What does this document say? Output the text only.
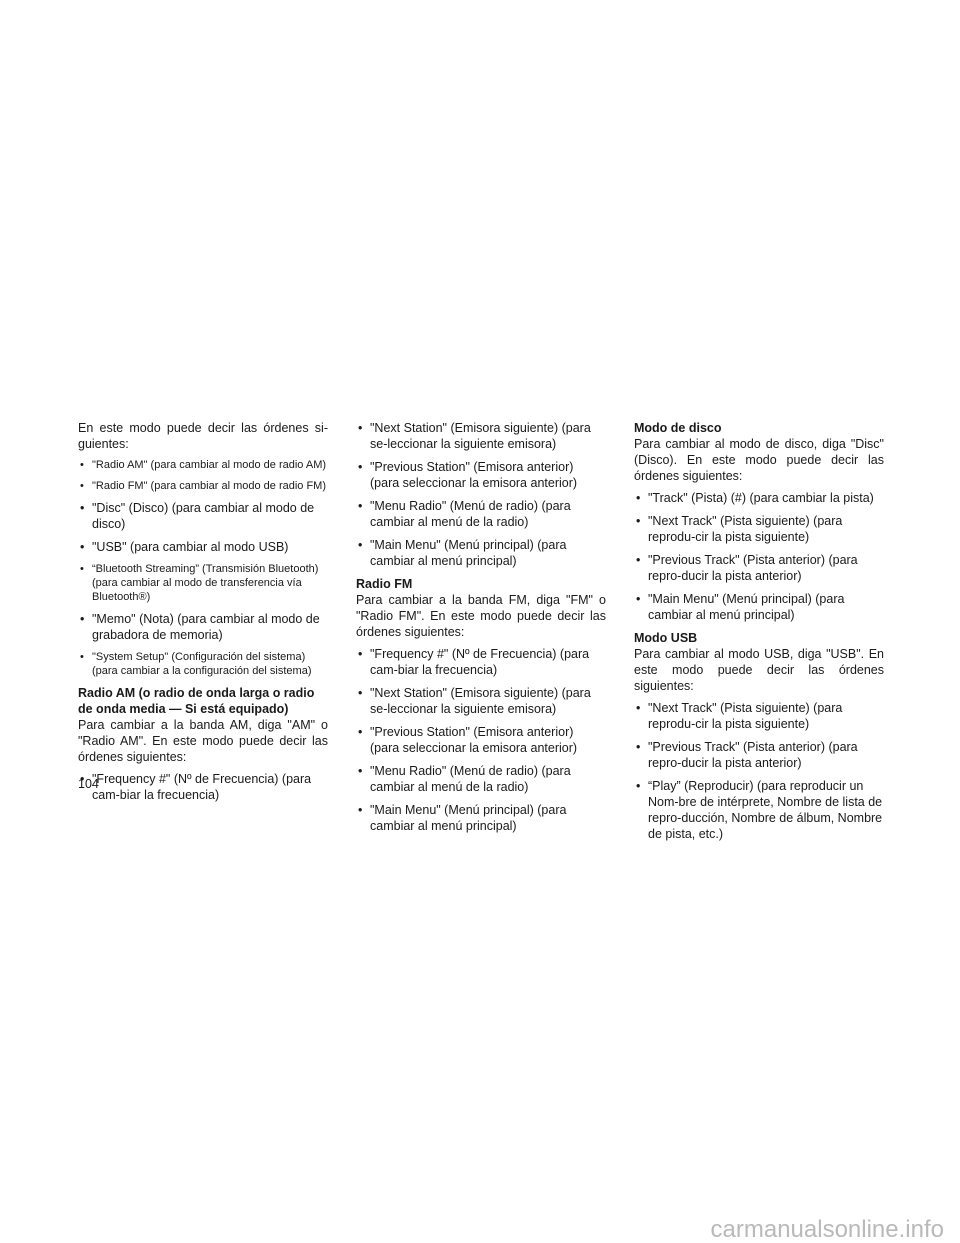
En este modo puede decir las órdenes si-guientes:

• "Radio AM" (para cambiar al modo de radio AM)
• "Radio FM" (para cambiar al modo de radio FM)
• "Disc" (Disco) (para cambiar al modo de disco)
• "USB" (para cambiar al modo USB)
• “Bluetooth Streaming” (Transmisión Bluetooth) (para cambiar al modo de transferencia vía Bluetooth®)
• "Memo" (Nota) (para cambiar al modo de grabadora de memoria)
• "System Setup" (Configuración del sistema) (para cambiar a la configuración del sistema)

Radio AM (o radio de onda larga o radio de onda media — Si está equipado)

Para cambiar a la banda AM, diga "AM" o "Radio AM". En este modo puede decir las órdenes siguientes:

• "Frequency #" (Nº de Frecuencia) (para cam-biar la frecuencia)
• "Next Station" (Emisora siguiente) (para se-leccionar la siguiente emisora)
• "Previous Station" (Emisora anterior) (para seleccionar la emisora anterior)
• "Menu Radio" (Menú de radio) (para cambiar al menú de la radio)
• "Main Menu" (Menú principal) (para cambiar al menú principal)

Radio FM

Para cambiar a la banda FM, diga "FM" o "Radio FM". En este modo puede decir las órdenes siguientes:

• "Frequency #" (Nº de Frecuencia) (para cam-biar la frecuencia)
• "Next Station" (Emisora siguiente) (para se-leccionar la siguiente emisora)
• "Previous Station" (Emisora anterior) (para seleccionar la emisora anterior)
• "Menu Radio" (Menú de radio) (para cambiar al menú de la radio)
• "Main Menu" (Menú principal) (para cambiar al menú principal)

Modo de disco

Para cambiar al modo de disco, diga "Disc" (Disco). En este modo puede decir las órdenes siguientes:

• "Track" (Pista) (#) (para cambiar la pista)
• "Next Track" (Pista siguiente) (para reprodu-cir la pista siguiente)
• "Previous Track" (Pista anterior) (para repro-ducir la pista anterior)
• "Main Menu" (Menú principal) (para cambiar al menú principal)

Modo USB

Para cambiar al modo USB, diga "USB". En este modo puede decir las órdenes siguientes:

• "Next Track" (Pista siguiente) (para reprodu-cir la pista siguiente)
• "Previous Track" (Pista anterior) (para repro-ducir la pista anterior)
• “Play” (Reproducir) (para reproducir un Nom-bre de intérprete, Nombre de lista de repro-ducción, Nombre de álbum, Nombre de pista, etc.)
104
carmanualsonline.info
